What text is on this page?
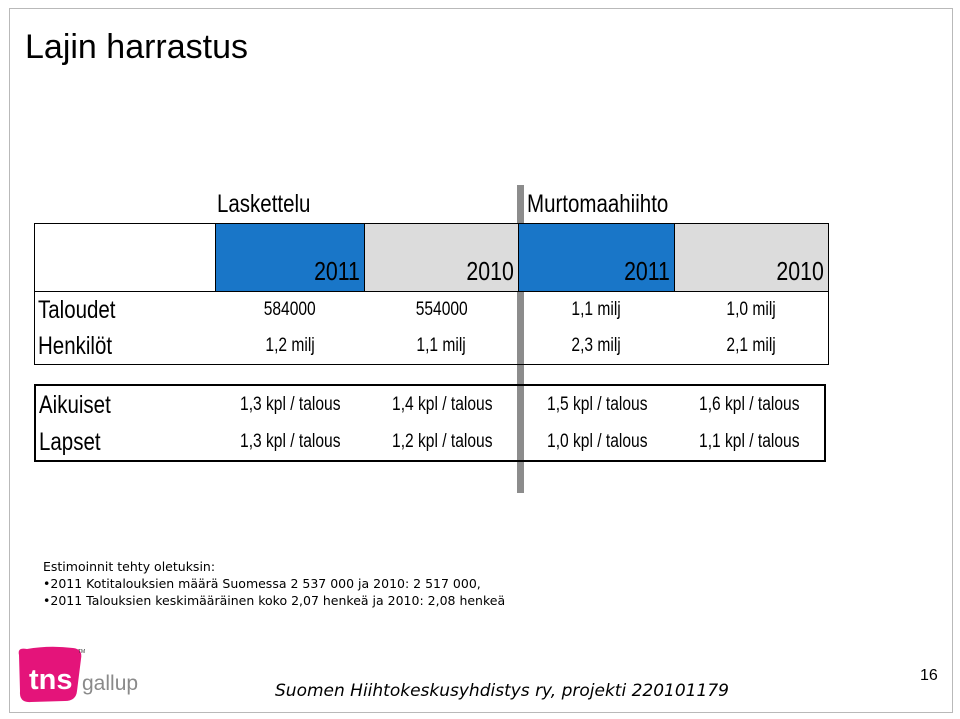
Lajin harrastus
Laskettelu	Murtomaahiihto
	2011	2010	2011	2010
Taloudet	584000	554000	1,1 milj	1,0 milj
Henkilöt	1,2 milj	1,1 milj	2,3 milj	2,1 milj
Aikuiset	1,3 kpl / talous	1,4 kpl / talous	1,5 kpl / talous	1,6 kpl / talous
Lapset	1,3 kpl / talous	1,2 kpl / talous	1,0 kpl / talous	1,1 kpl / talous
Estimoinnit tehty oletuksin:
•2011 Kotitalouksien määrä Suomessa 2 537 000 ja 2010: 2 517 000,
•2011 Talouksien keskimääräinen koko 2,07 henkeä ja 2010: 2,08 henkeä
tns
TM
gallup	Suomen Hiihtokeskusyhdistys ry, projekti 220101179
16
